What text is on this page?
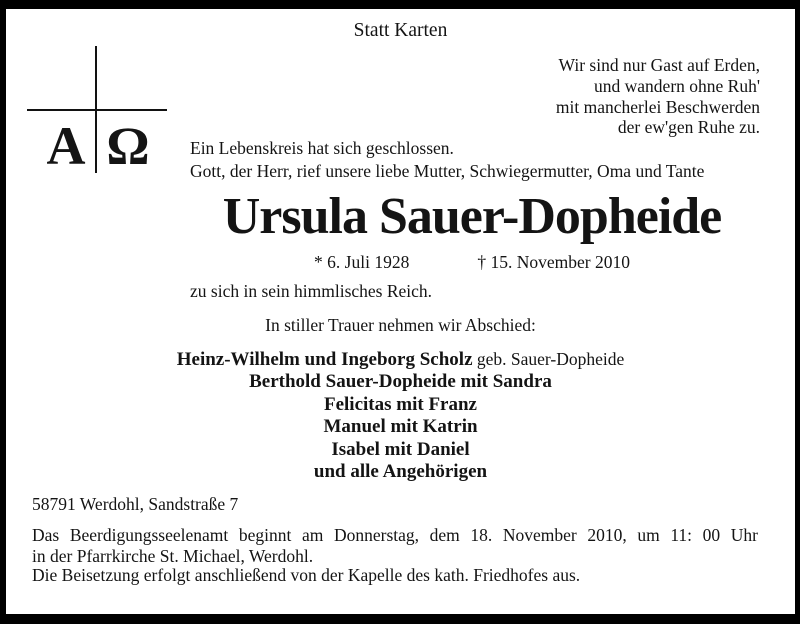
Statt Karten
Wir sind nur Gast auf Erden,
und wandern ohne Ruh'
mit mancherlei Beschwerden
der ew'gen Ruhe zu.
A Ω	Ein Lebenskreis hat sich geschlossen.
Gott, der Herr, rief unsere liebe Mutter, Schwiegermutter, Oma und Tante
Ursula Sauer-Dopheide
* 6. Juli 1928	† 15. November 2010
zu sich in sein himmlisches Reich.
In stiller Trauer nehmen wir Abschied:
Heinz-Wilhelm und Ingeborg Scholz geb. Sauer-Dopheide
Berthold Sauer-Dopheide mit Sandra
Felicitas mit Franz
Manuel mit Katrin
Isabel mit Daniel
und alle Angehörigen
58791 Werdohl, Sandstraße 7
Das Beerdigungsseelenamt beginnt am Donnerstag, dem 18. November 2010, um 11: 00 Uhr
in der Pfarrkirche St. Michael, Werdohl.
Die Beisetzung erfolgt anschließend von der Kapelle des kath. Friedhofes aus.
